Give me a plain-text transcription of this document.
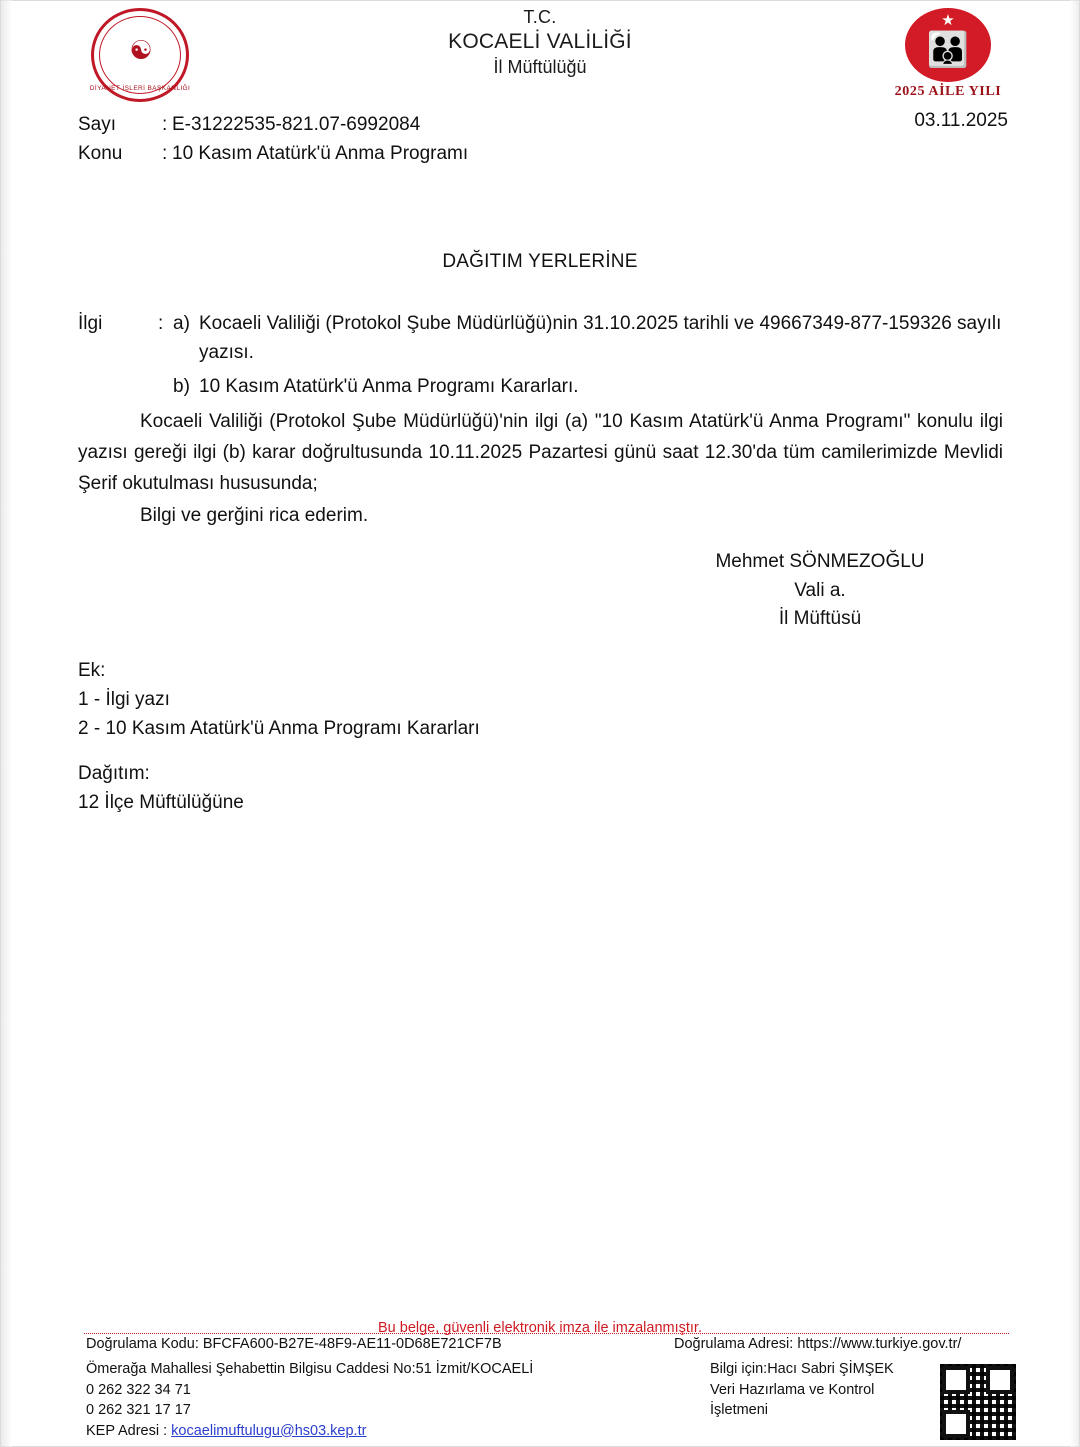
☯
DİYANET İŞLERİ BAŞKANLIĞI
T.C.
KOCAELİ VALİLİĞİ
İl Müftülüğü
★
👪
2025 AİLE YILI
Sayı : E-31222535-821.07-6992084
Konu : 10 Kasım Atatürk'ü Anma Programı
03.11.2025
DAĞITIM YERLERİNE
İlgi	: a) Kocaeli Valiliği (Protokol Şube Müdürlüğü)nin 31.10.2025 tarihli ve 49667349-877-159326 sayılı yazısı.
b) 10 Kasım Atatürk'ü Anma Programı Kararları.

Kocaeli Valiliği (Protokol Şube Müdürlüğü)'nin ilgi (a) "10 Kasım Atatürk'ü Anma Programı" konulu ilgi yazısı gereği ilgi (b) karar doğrultusunda 10.11.2025 Pazartesi günü saat 12.30'da tüm camilerimizde Mevlidi Şerif okutulması hususunda;

Bilgi ve gerğini rica ederim.

Mehmet SÖNMEZOĞLU
Vali a.
İl Müftüsü
Ek:
1 - İlgi yazı
2 - 10 Kasım Atatürk'ü Anma Programı Kararları
Dağıtım:
12 İlçe Müftülüğüne
Bu belge, güvenli elektronik imza ile imzalanmıştır.
Doğrulama Kodu: BFCFA600-B27E-48F9-AE11-0D68E721CF7B	Doğrulama Adresi: https://www.turkiye.gov.tr/
Ömerağa Mahallesi Şehabettin Bilgisu Caddesi No:51 İzmit/KOCAELİ
0 262 322 34 71
0 262 321 17 17
KEP Adresi : kocaelimuftulugu@hs03.kep.tr
Bilgi için:Hacı Sabri ŞİMŞEK
Veri Hazırlama ve Kontrol
İşletmeni
